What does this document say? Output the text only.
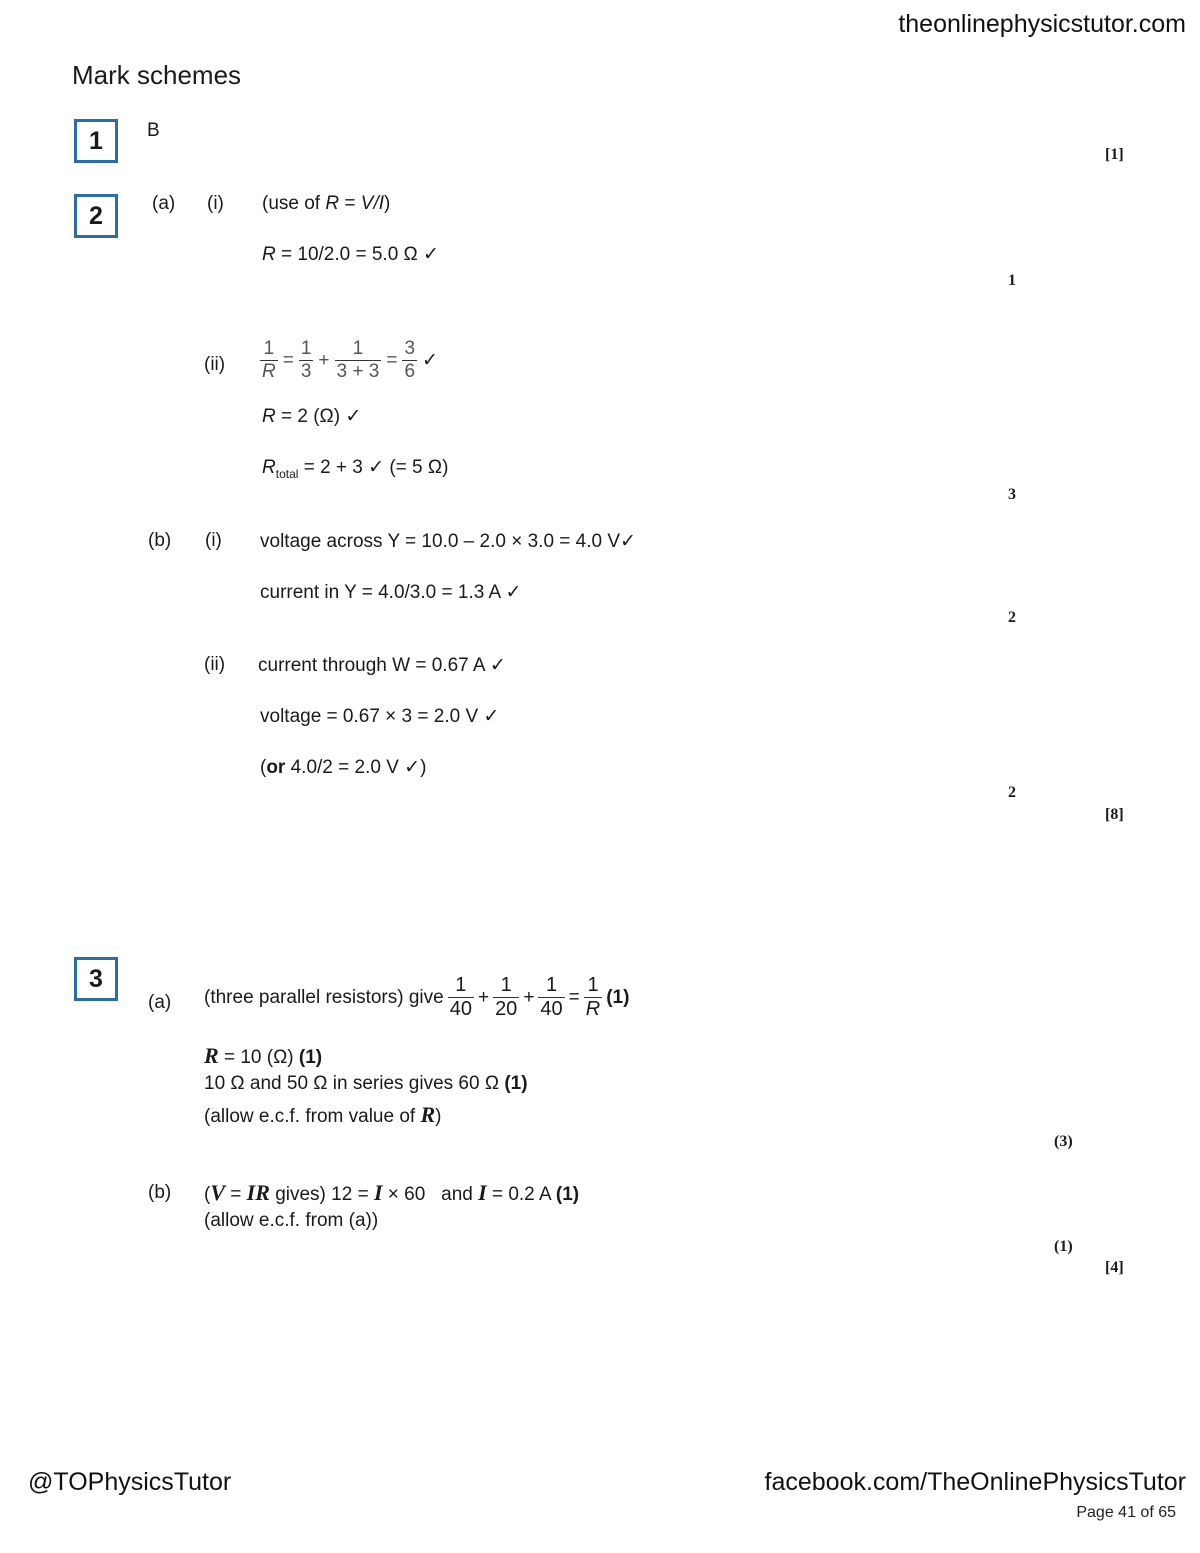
theonlinephysicstutor.com
Mark schemes
1 B
[1]
2	(a) (i) (use of R = V/I)
R = 10/2.0 = 5.0 Ω ✓
1
$(ii) \frac{1}{R} = \frac{1}{3} + \frac{1}{3 + 3} = \frac{3}{6}$ ✓
R = 2 (Ω) ✓
$R_{total} = 2 + 3$ ✓ (= 5 Ω)
3
(b) (i) voltage across Y = 10.0 – 2.0 × 3.0 = 4.0 V✓
current in Y = 4.0/3.0 = 1.3 A ✓
2
(ii) current through W = 0.67 A ✓
voltage = 0.67 × 3 = 2.0 V ✓
(or 4.0/2 = 2.0 V ✓)
2
[8]
3
(a) (three parallel resistors) give $\frac{1}{40} + \frac{1}{20} + \frac{1}{40} = \frac{1}{R} (1)$
R = 10 (Ω) (1)
10 Ω and 50 Ω in series gives 60 Ω (1)
(allow e.c.f. from value of R)
(3)
(b) (V = IR gives) 12 = I × 60   and I = 0.2 A (1)
(allow e.c.f. from (a))
(1)
[4]
@TOPhysicsTutor	facebook.com/TheOnlinePhysicsTutor
Page 41 of 65
